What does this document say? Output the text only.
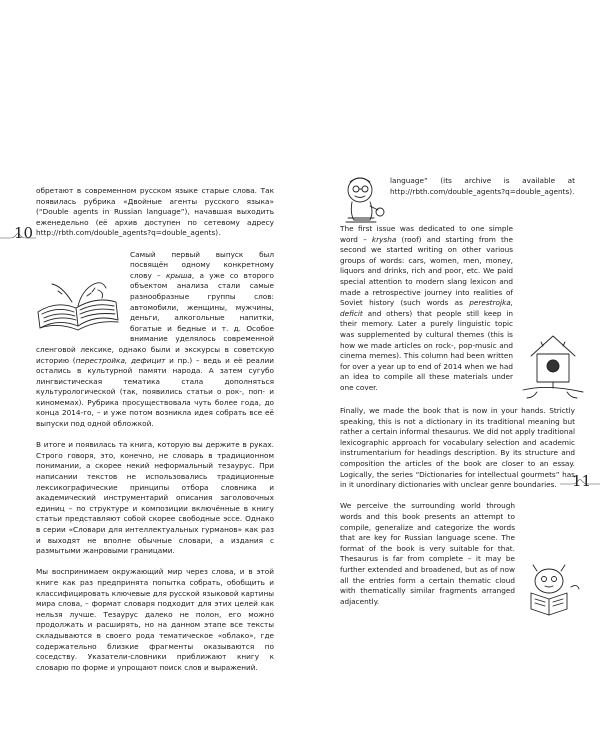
10
11

обретают в современном русском языке старые слова. Так появилась рубрика «Двойные агенты русского языка» (“Double agents in Russian language”), начавшая выходить еженедельно (её архив доступен по сетевому адресу http://rbth.com/double_agents?q=double_agents).

Самый первый выпуск был посвящён одному конкретному слову – крыша, а уже со второго объектом анализа стали самые разнообразные группы слов: автомобили, женщины, мужчины, деньги, алкогольные напитки, богатые и бедные и т. д. Особое внимание уделялось современной сленговой лексике, однако были и экскурсы в советскую историю (перестройка, дефицит и пр.) – ведь и её реалии остались в культурной памяти народа. А затем сугубо лингвистическая тематика стала дополняться культурологической (так, появились статьи о рок-, поп- и киномемах). Рубрика просуществовала чуть более года, до конца 2014-го, – и уже потом возникла идея собрать все её выпуски под одной обложкой.

В итоге и появилась та книга, которую вы держите в руках. Строго говоря, это, конечно, не словарь в традиционном понимании, а скорее некий неформальный тезаурус. При написании текстов не использовались традиционные лексикографические принципы отбора словника и академический инструментарий описания заголовочных единиц – по структуре и композиции включённые в книгу статьи представляют собой скорее свободные эссе. Однако в серии «Словари для интеллектуальных гурманов» как раз и выходят не вполне обычные словари, а издания с размытыми жанровыми границами.

Мы воспринимаем окружающий мир через слова, и в этой книге как раз предпринята попытка собрать, обобщить и классифицировать ключевые для русской языковой картины мира слова, – формат словаря подходит для этих целей как нельзя лучше. Тезаурус далеко не полон, его можно продолжать и расширять, но на данном этапе все тексты складываются в своего рода тематическое «облако», где содержательно близкие фрагменты оказываются по соседству. Указатели-словники приближают книгу к словарю по форме и упрощают поиск слов и выражений.

language” (its archive is available at http://rbth.com/double_agents?q=double_agents).

The first issue was dedicated to one simple word – krysha (roof) and starting from the second we started writing on other various groups of words: cars, women, men, money, liquors and drinks, rich and poor, etc. We paid special attention to modern slang lexicon and made a retrospective journey into realities of Soviet history (such words as perestrojka, deficit and others) that people still keep in their memory. Later a purely linguistic topic was supplemented by cultural themes (this is how we made articles on rock-, pop-music and cinema memes). This column had been written for over a year up to end of 2014 when we had an idea to compile all these materials under one cover.

Finally, we made the book that is now in your hands. Strictly speaking, this is not a dictionary in its traditional meaning but rather a certain informal thesaurus. We did not apply traditional lexicographic approach for vocabulary selection and academic instrumentarium for headings description. By its structure and composition the articles of the book are closer to an essay. Logically, the series “Dictionaries for intellectual gourmets” has in it unordinary dictionaries with unclear genre boundaries.

We perceive the surrounding world through words and this book presents an attempt to compile, generalize and categorize the words that are key for Russian language scene. The format of the book is very suitable for that. Thesaurus is far from complete – it may be further extended and broadened, but as of now all the entries form a certain thematic cloud with thematically similar fragments arranged adjacently.
